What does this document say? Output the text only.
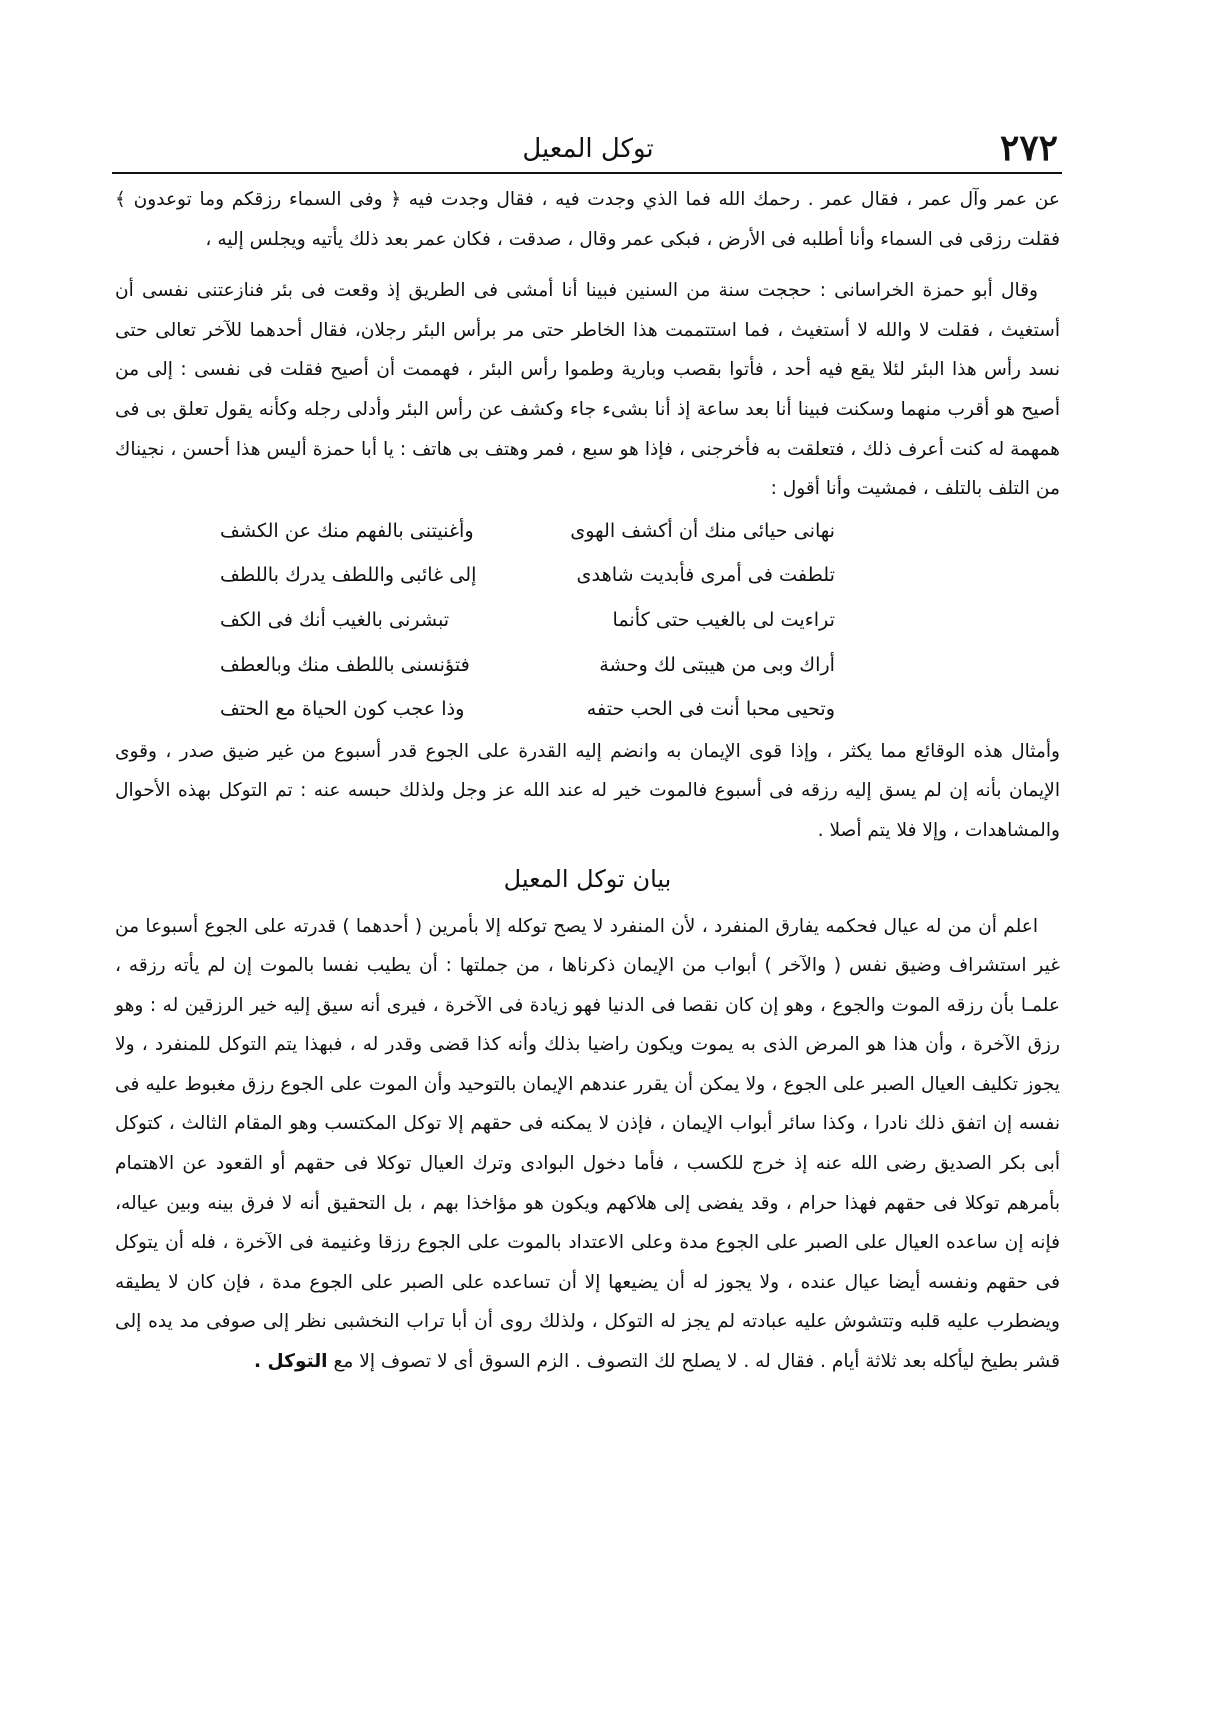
٢٧٢
توكل المعيل

عن عمر وآل عمر ، فقال عمر . رحمك الله فما الذي وجدت فيه ، فقال وجدت فيه ﴿ وفى السماء رزقكم وما توعدون ﴾ فقلت رزقى فى السماء وأنا أطلبه فى الأرض ، فبكى عمر وقال ، صدقت ، فكان عمر بعد ذلك يأتيه ويجلس إليه ،

وقال أبو حمزة الخراسانى : حججت سنة من السنين فبينا أنا أمشى فى الطريق إذ وقعت فى بئر فنازعتنى نفسى أن أستغيث ، فقلت لا والله لا أستغيث ، فما استتممت هذا الخاطر حتى مر برأس البئر رجلان، فقال أحدهما للآخر تعالى حتى نسد رأس هذا البئر لئلا يقع فيه أحد ، فأتوا بقصب وبارية وطموا رأس البئر ، فهممت أن أصيح فقلت فى نفسى : إلى من أصيح هو أقرب منهما وسكنت فبينا أنا بعد ساعة إذ أنا بشىء جاء وكشف عن رأس البئر وأدلى رجله وكأنه يقول تعلق بى فى همهمة له كنت أعرف ذلك ، فتعلقت به فأخرجنى ، فإذا هو سبع ، فمر وهتف بى هاتف : يا أبا حمزة أليس هذا أحسن ، نجيناك من التلف بالتلف ، فمشيت وأنا أقول :

نهانى حيائى منك أن أكشف الهوى
وأغنيتنى بالفهم منك عن الكشف
تلطفت فى أمرى فأبديت شاهدى
إلى غائبى واللطف يدرك باللطف
تراءيت لى بالغيب حتى كأنما
تبشرنى بالغيب أنك فى الكف
أراك وبى من هيبتى لك وحشة
فتؤنسنى باللطف منك وبالعطف
وتحيى محبا أنت فى الحب حتفه
وذا عجب كون الحياة مع الحتف

وأمثال هذه الوقائع مما يكثر ، وإذا قوى الإيمان به وانضم إليه القدرة على الجوع قدر أسبوع من غير ضيق صدر ، وقوى الإيمان بأنه إن لم يسق إليه رزقه فى أسبوع فالموت خير له عند الله عز وجل ولذلك حبسه عنه : تم التوكل بهذه الأحوال والمشاهدات ، وإلا فلا يتم أصلا .

بيان توكل المعيل

اعلم أن من له عيال فحكمه يفارق المنفرد ، لأن المنفرد لا يصح توكله إلا بأمرين ( أحدهما ) قدرته على الجوع أسبوعا من غير استشراف وضيق نفس ( والآخر ) أبواب من الإيمان ذكرناها ، من جملتها : أن يطيب نفسا بالموت إن لم يأته رزقه ، علمـا بأن رزقه الموت والجوع ، وهو إن كان نقصا فى الدنيا فهو زيادة فى الآخرة ، فيرى أنه سيق إليه خير الرزقين له : وهو رزق الآخرة ، وأن هذا هو المرض الذى به يموت ويكون راضيا بذلك وأنه كذا قضى وقدر له ، فبهذا يتم التوكل للمنفرد ، ولا يجوز تكليف العيال الصبر على الجوع ، ولا يمكن أن يقرر عندهم الإيمان بالتوحيد وأن الموت على الجوع رزق مغبوط عليه فى نفسه إن اتفق ذلك نادرا ، وكذا سائر أبواب الإيمان ، فإذن لا يمكنه فى حقهم إلا توكل المكتسب وهو المقام الثالث ، كتوكل أبى بكر الصديق رضى الله عنه إذ خرج للكسب ، فأما دخول البوادى وترك العيال توكلا فى حقهم أو القعود عن الاهتمام بأمرهم توكلا فى حقهم فهذا حرام ، وقد يفضى إلى هلاكهم ويكون هو مؤاخذا بهم ، بل التحقيق أنه لا فرق بينه وبين عياله، فإنه إن ساعده العيال على الصبر على الجوع مدة وعلى الاعتداد بالموت على الجوع رزقا وغنيمة فى الآخرة ، فله أن يتوكل فى حقهم ونفسه أيضا عيال عنده ، ولا يجوز له أن يضيعها إلا أن تساعده على الصبر على الجوع مدة ، فإن كان لا يطيقه ويضطرب عليه قلبه وتتشوش عليه عبادته لم يجز له التوكل ، ولذلك روى أن أبا تراب النخشبى نظر إلى صوفى مد يده إلى قشر بطيخ ليأكله بعد ثلاثة أيام . فقال له . لا يصلح لك التصوف . الزم السوق أى لا تصوف إلا مع التوكل .
